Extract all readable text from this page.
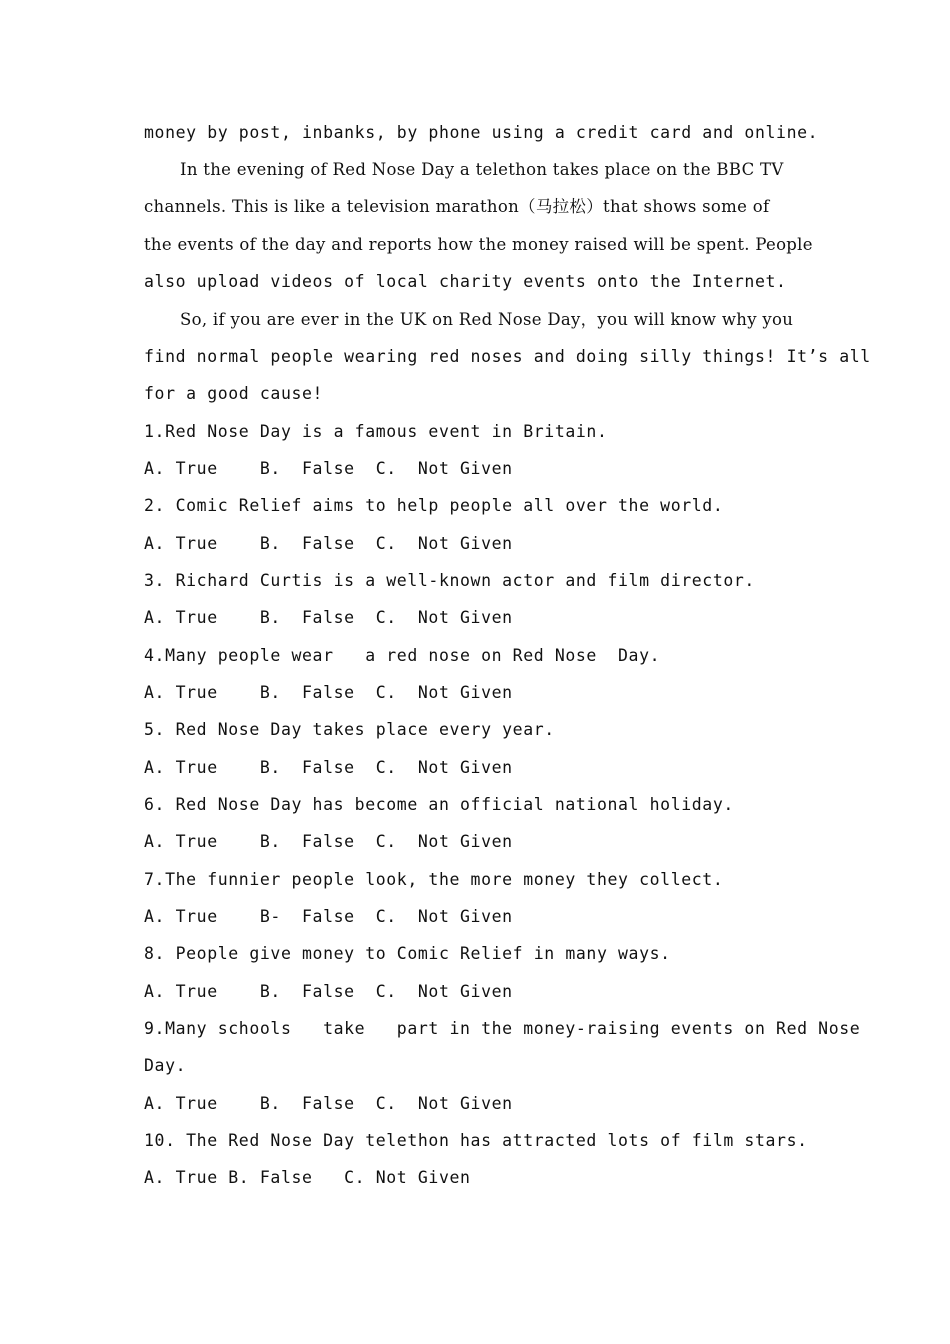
money by post, inbanks, by phone using a credit card and online.
In the evening of Red Nose Day a telethon takes place on the BBC TV
channels. This is like a television marathon（马拉松）that shows some of
the events of the day and reports how the money raised will be spent. People
also upload videos of local charity events onto the Internet.
So, if you are ever in the UK on Red Nose Day，you will know why you
find normal people wearing red noses and doing silly things! It’s all
for a good cause!
1.Red Nose Day is a famous event in Britain.
A. True    B.  False  C.  Not Given
2. Comic Relief aims to help people all over the world.
A. True    B.  False  C.  Not Given
3. Richard Curtis is a well-known actor and film director.
A. True    B.  False  C.  Not Given
4.Many people wear   a red nose on Red Nose  Day.
A. True    B.  False  C.  Not Given
5. Red Nose Day takes place every year.
A. True    B.  False  C.  Not Given
6. Red Nose Day has become an official national holiday.
A. True    B.  False  C.  Not Given
7.The funnier people look, the more money they collect.
A. True    B-  False  C.  Not Given
8. People give money to Comic Relief in many ways.
A. True    B.  False  C.  Not Given
9.Many schools   take   part in the money-raising events on Red Nose
Day.
A. True    B.  False  C.  Not Given
10. The Red Nose Day telethon has attracted lots of film stars.
A. True B. False   C. Not Given
